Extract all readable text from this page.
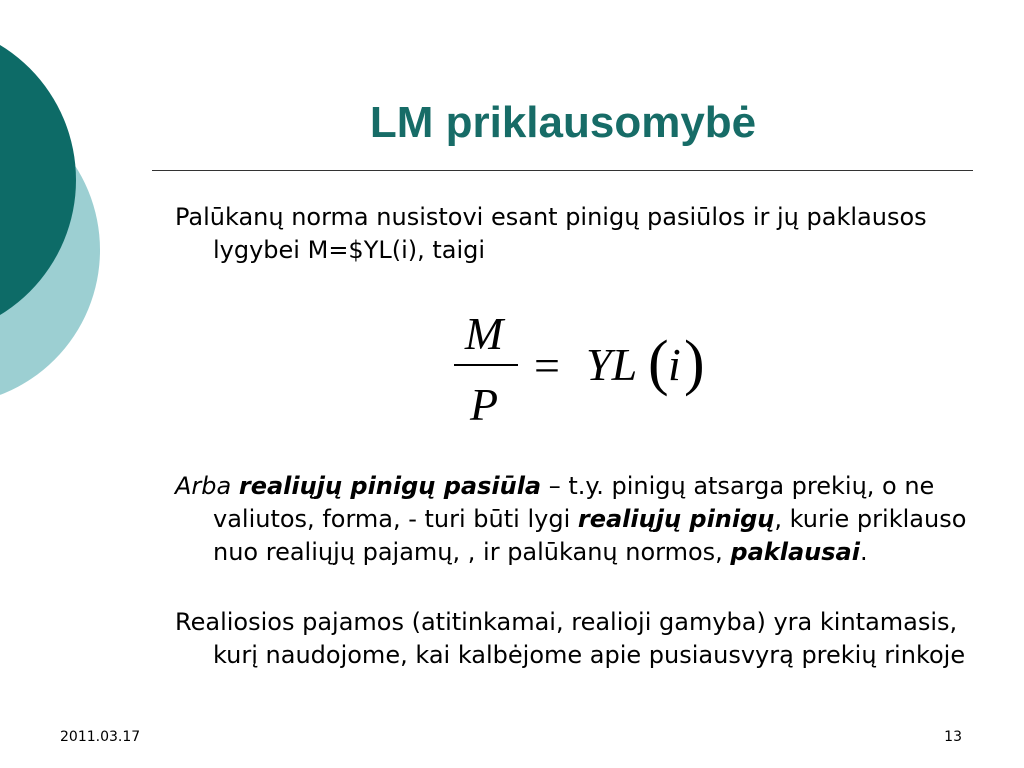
LM priklausomybė

Palūkanų norma nusistovi esant pinigų pasiūlos ir jų paklausos lygybei M=$YL(i), taigi

M
P
YL i
= ( )

Arba realiųjų pinigų pasiūla – t.y. pinigų atsarga prekių, o ne valiutos, forma, - turi būti lygi realiųjų pinigų, kurie priklauso nuo realiųjų pajamų, , ir palūkanų normos, paklausai.

Realiosios pajamos (atitinkamai, realioji gamyba) yra kintamasis, kurį naudojome, kai kalbėjome apie pusiausvyrą prekių rinkoje

2011.03.17	13
